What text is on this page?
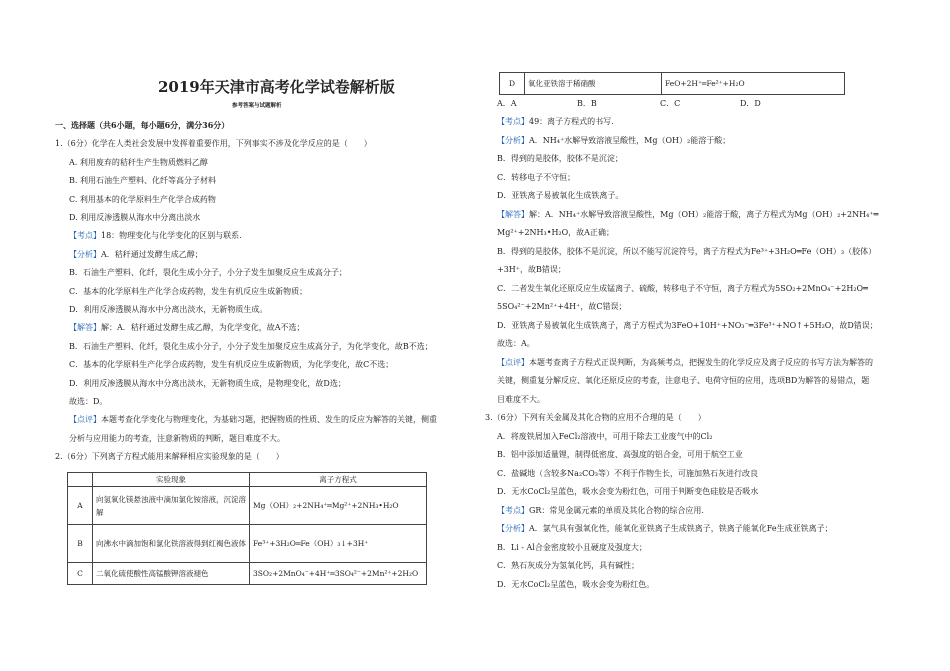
2019年天津市高考化学试卷解析版
参考答案与试题解析
一、选择题（共6小题，每小题6分，满分36分）
1.（6分）化学在人类社会发展中发挥着重要作用，下列事实不涉及化学反应的是（　　）
A. 利用废弃的秸秆生产生物质燃料乙醇
B. 利用石油生产塑料、化纤等高分子材料
C. 利用基本的化学原料生产化学合成药物
D. 利用反渗透膜从海水中分离出淡水
【考点】18：物理变化与化学变化的区别与联系.
【分析】A．秸秆通过发酵生成乙醇；
B．石油生产塑料、化纤，裂化生成小分子，小分子发生加聚反应生成高分子；
C．基本的化学原料生产化学合成药物，发生有机反应生成新物质；
D．利用反渗透膜从海水中分离出淡水，无新物质生成。
【解答】解：A．秸秆通过发酵生成乙醇，为化学变化，故A不选；
B．石油生产塑料、化纤，裂化生成小分子，小分子发生加聚反应生成高分子，为化学变化，故B不选；
C．基本的化学原料生产化学合成药物，发生有机反应生成新物质，为化学变化，故C不选；
D．利用反渗透膜从海水中分离出淡水，无新物质生成，是物理变化，故D选；
故选：D。
【点评】本题考查化学变化与物理变化，为基础习题，把握物质的性质、发生的反应为解答的关键，侧重
分析与应用能力的考查，注意新物质的判断，题目难度不大。
2.（6分）下列离子方程式能用来解释相应实验现象的是（　　）
	实验现象	离子方程式
A	向氢氧化镁悬浊液中滴加氯化铵溶液，沉淀溶解	Mg（OH）₂+2NH₄⁺═Mg²⁺+2NH₃•H₂O
B	向沸水中滴加饱和氯化铁溶液得到红褐色液体	Fe³⁺+3H₂O═Fe（OH）₃↓+3H⁺
C	二氧化硫使酸性高锰酸钾溶液褪色	3SO₂+2MnO₄⁻+4H⁺═3SO₄²⁻+2Mn²⁺+2H₂O
D	氧化亚铁溶于稀硝酸	FeO+2H⁺═Fe²⁺+H₂O
A．A	B．B	C．C	D．D
【考点】49：离子方程式的书写.
【分析】A．NH₄⁺水解导致溶液呈酸性，Mg（OH）₂能溶于酸；
B．得到的是胶体，胶体不是沉淀；
C．转移电子不守恒；
D．亚铁离子易被氧化生成铁离子。
【解答】解：A．NH₄⁺水解导致溶液呈酸性，Mg（OH）₂能溶于酸，离子方程式为Mg（OH）₂+2NH₄⁺═
Mg²⁺+2NH₃•H₂O，故A正确；
B．得到的是胶体，胶体不是沉淀，所以不能写沉淀符号，离子方程式为Fe³⁺+3H₂O═Fe（OH）₃（胶体）
+3H⁺，故B错误；
C．二者发生氧化还原反应生成锰离子、硫酸，转移电子不守恒，离子方程式为5SO₂+2MnO₄⁻+2H₂O═
5SO₄²⁻+2Mn²⁺+4H⁺，故C错误；
D．亚铁离子易被氧化生成铁离子，离子方程式为3FeO+10H⁺+NO₃⁻═3Fe³⁺+NO↑+5H₂O，故D错误；
故选：A。
【点评】本题考查离子方程式正误判断，为高频考点，把握发生的化学反应及离子反应的书写方法为解答的
关键，侧重复分解反应、氧化还原反应的考查，注意电子、电荷守恒的应用，选项BD为解答的易错点，题
目难度不大。
3.（6分）下列有关金属及其化合物的应用不合理的是（　　）
A．将废铁屑加入FeCl₂溶液中，可用于除去工业废气中的Cl₂
B．铝中添加适量锂，制得低密度、高强度的铝合金，可用于航空工业
C．盐碱地（含较多Na₂CO₃等）不利于作物生长，可施加熟石灰进行改良
D．无水CoCl₂呈蓝色，吸水会变为粉红色，可用于判断变色硅胶是否吸水
【考点】GR：常见金属元素的单质及其化合物的综合应用.
【分析】A．氯气具有强氧化性，能氧化亚铁离子生成铁离子，铁离子能氧化Fe生成亚铁离子；
B．Li - Al合金密度较小且硬度及强度大；
C．熟石灰成分为氢氧化钙，具有碱性；
D．无水CoCl₂呈蓝色，吸水会变为粉红色。
